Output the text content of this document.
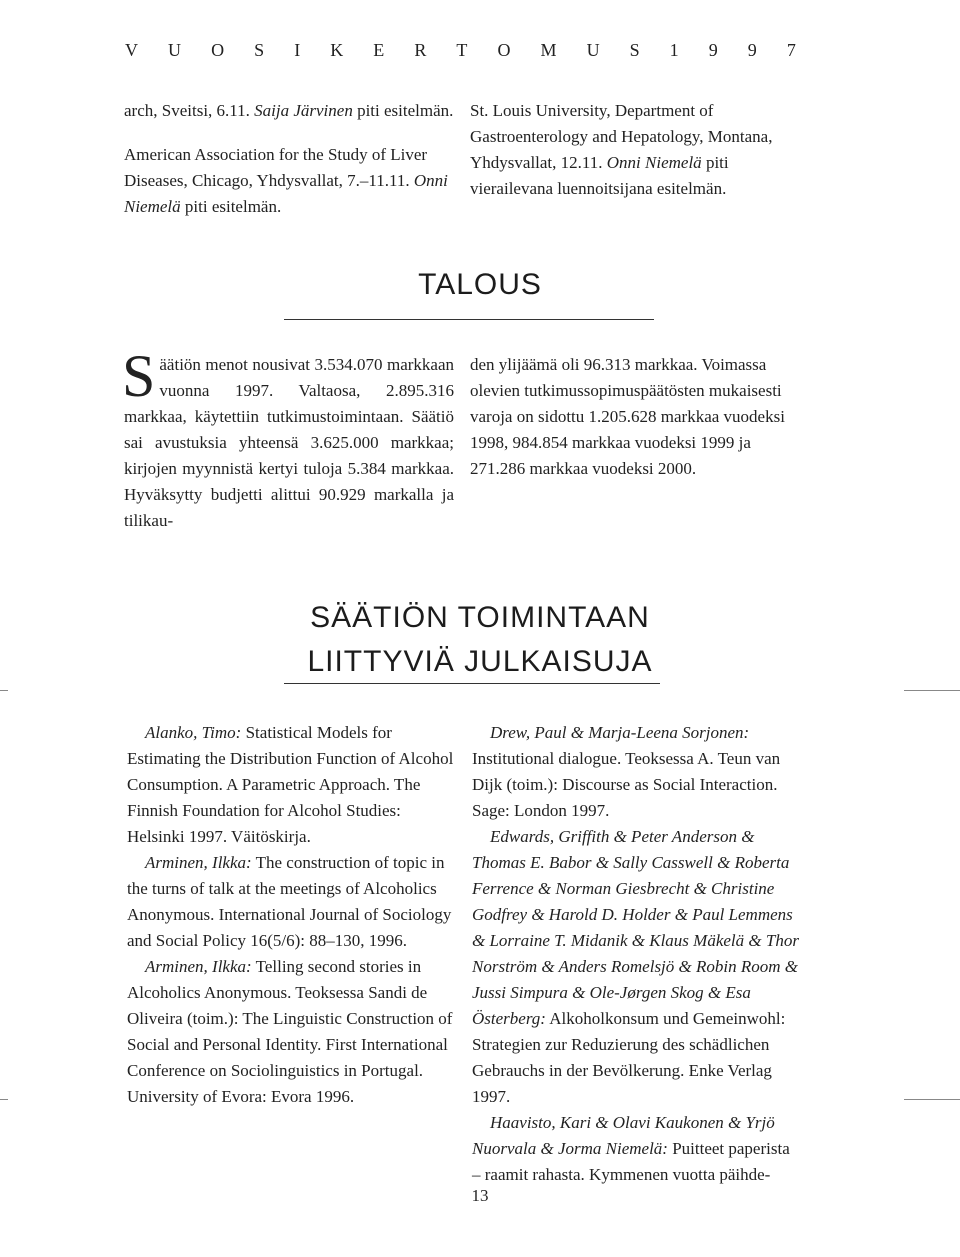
V U O S I K E R T O M U S 1 9 9 7

arch, Sveitsi, 6.11. Saija Järvinen piti esitelmän.

American Association for the Study of Liver Diseases, Chicago, Yhdysvallat, 7.–11.11. Onni Niemelä piti esitelmän.

St. Louis University, Department of Gastroenterology and Hepatology, Montana, Yhdysvallat, 12.11. Onni Niemelä piti vierailevana luennoitsijana esitelmän.

TALOUS

Säätiön menot nousivat 3.534.070 markkaan vuonna 1997. Valtaosa, 2.895.316 markkaa, käytettiin tutkimustoimintaan. Säätiö sai avustuksia yhteensä 3.625.000 markkaa; kirjojen myynnistä kertyi tuloja 5.384 markkaa. Hyväksytty budjetti alittui 90.929 markalla ja tilikau-

den ylijäämä oli 96.313 markkaa. Voimassa olevien tutkimussopimuspäätösten mukaisesti varoja on sidottu 1.205.628 markkaa vuodeksi 1998, 984.854 markkaa vuodeksi 1999 ja 271.286 markkaa vuodeksi 2000.

SÄÄTIÖN TOIMINTAAN
LIITTYVIÄ JULKAISUJA

Alanko, Timo: Statistical Models for Estimating the Distribution Function of Alcohol Consumption. A Parametric Approach. The Finnish Foundation for Alcohol Studies: Helsinki 1997. Väitöskirja.

Arminen, Ilkka: The construction of topic in the turns of talk at the meetings of Alcoholics Anonymous. International Journal of Sociology and Social Policy 16(5/6): 88–130, 1996.

Arminen, Ilkka: Telling second stories in Alcoholics Anonymous. Teoksessa Sandi de Oliveira (toim.): The Linguistic Construction of Social and Personal Identity. First International Conference on Sociolinguistics in Portugal. University of Evora: Evora 1996.

Drew, Paul & Marja-Leena Sorjonen: Institutional dialogue. Teoksessa A. Teun van Dijk (toim.): Discourse as Social Interaction. Sage: London 1997.

Edwards, Griffith & Peter Anderson & Thomas E. Babor & Sally Casswell & Roberta Ferrence & Norman Giesbrecht & Christine Godfrey & Harold D. Holder & Paul Lemmens & Lorraine T. Midanik & Klaus Mäkelä & Thor Norström & Anders Romelsjö & Robin Room & Jussi Simpura & Ole-Jørgen Skog & Esa Österberg: Alkoholkonsum und Gemeinwohl: Strategien zur Reduzierung des schädlichen Gebrauchs in der Bevölkerung. Enke Verlag 1997.

Haavisto, Kari & Olavi Kaukonen & Yrjö Nuorvala & Jorma Niemelä: Puitteet paperista – raamit rahasta. Kymmenen vuotta päihde-

13
